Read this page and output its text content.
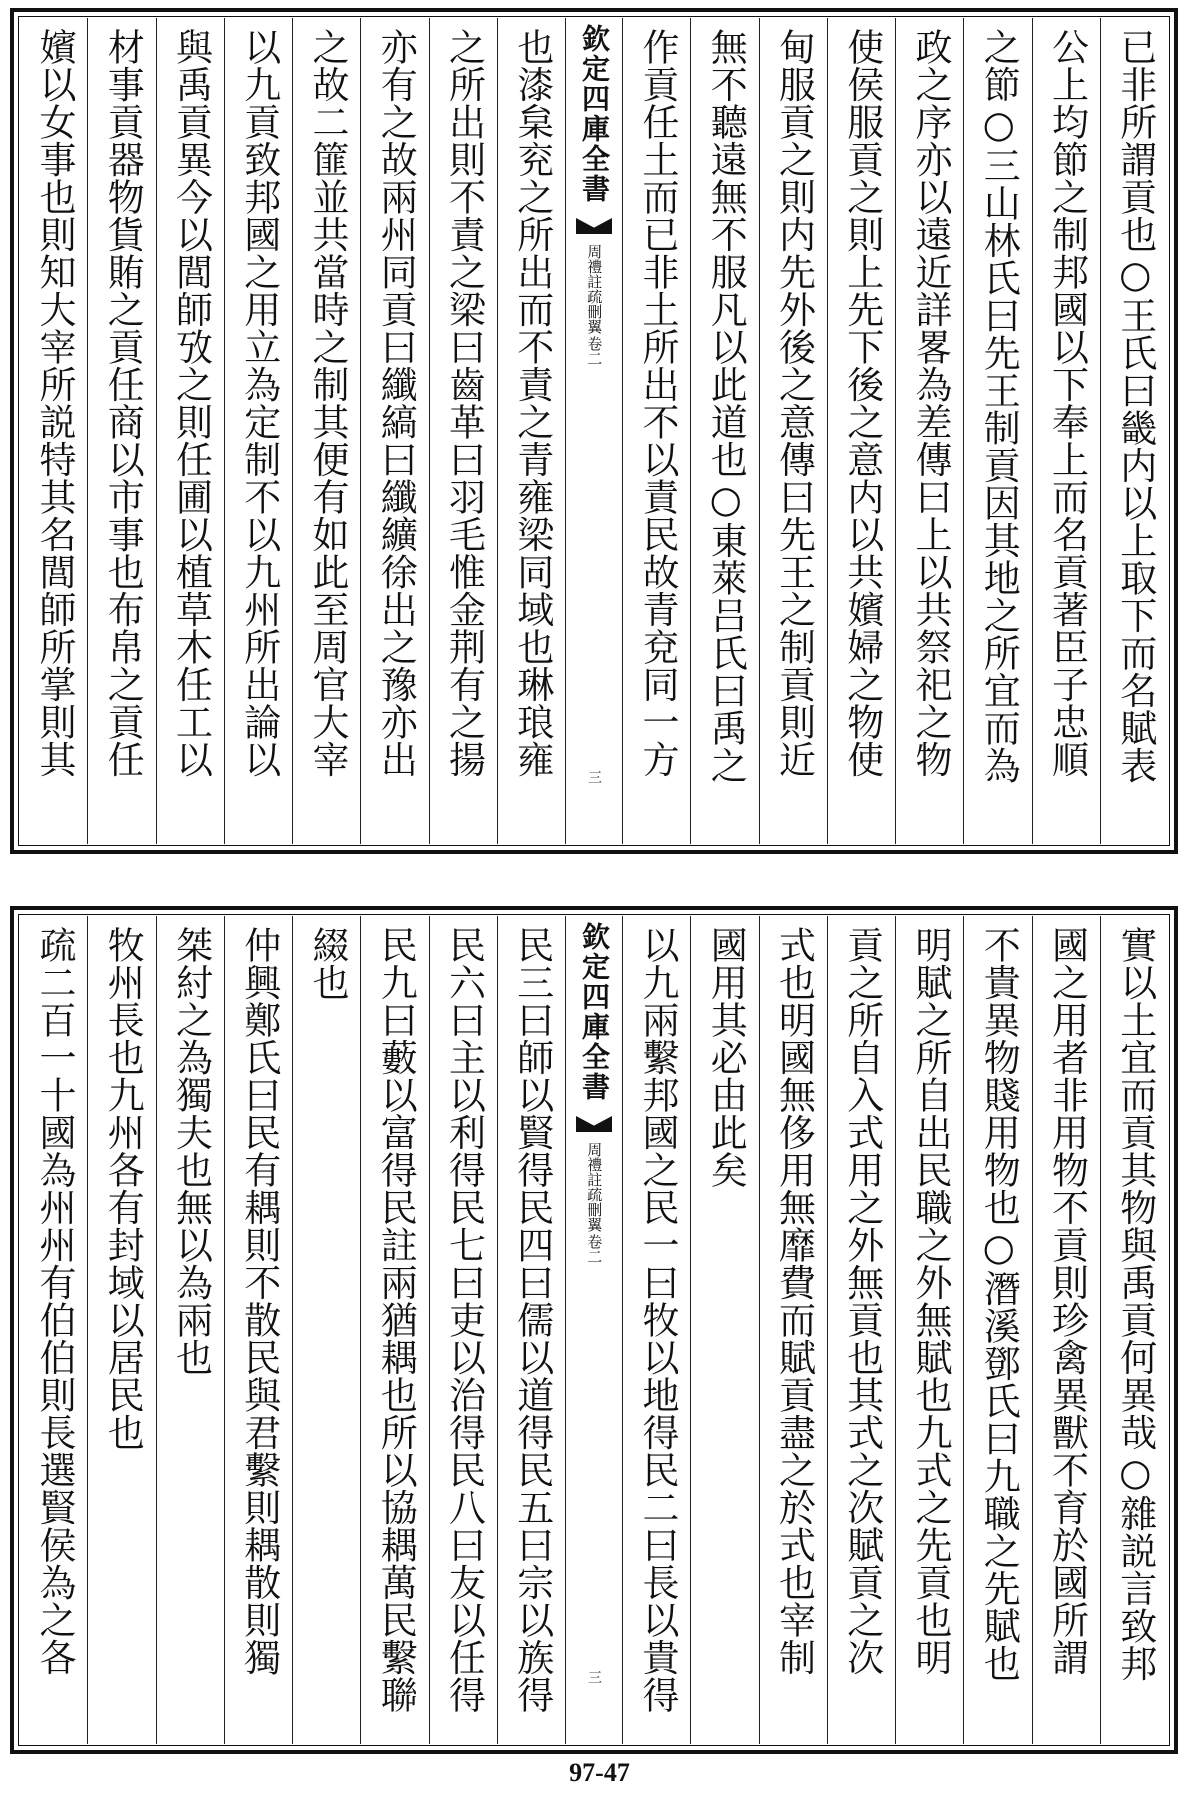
已非所謂貢也○王氏曰畿内以上取下而名賦表
公上均節之制邦國以下奉上而名貢著臣子忠順
之節○三山林氏曰先王制貢因其地之所宜而為
政之序亦以遠近詳畧為差傳曰上以共祭祀之物
使侯服貢之則上先下後之意内以共嬪婦之物使
甸服貢之則内先外後之意傳曰先王之制貢則近
無不聽遠無不服凡以此道也○東萊吕氏曰禹之
作貢任土而已非土所出不以責民故青兗同一方
欽定四庫全書
周禮註疏刪翼
卷二
三
也漆枲兖之所出而不責之青雍梁同域也琳琅雍
之所出則不責之梁曰齒革曰羽毛惟金荆有之揚
亦有之故兩州同貢曰纖縞曰纖纊徐出之豫亦出
之故二篚並共當時之制其便有如此至周官大宰
以九貢致邦國之用立為定制不以九州所出論以
與禹貢異今以閭師攷之則任圃以植草木任工以
材事貢器物貨賄之貢任商以市事也布帛之貢任
嬪以女事也則知大宰所説特其名閭師所掌則其
實以土宜而貢其物與禹貢何異哉○雜説言致邦
國之用者非用物不貢則珍禽異獸不育於國所謂
不貴異物賤用物也○潛溪鄧氏曰九職之先賦也
明賦之所自出民職之外無賦也九式之先貢也明
貢之所自入式用之外無貢也其式之次賦貢之次
式也明國無侈用無靡費而賦貢盡之於式也宰制
國用其必由此矣
以九兩繫邦國之民一曰牧以地得民二曰長以貴得
欽定四庫全書
周禮註疏刪翼
卷二
三
民三曰師以賢得民四曰儒以道得民五曰宗以族得
民六曰主以利得民七曰吏以治得民八曰友以任得
民九曰藪以富得民註兩猶耦也所以協耦萬民繫聯
綴也
仲興鄭氏曰民有耦則不散民與君繫則耦散則獨
桀紂之為獨夫也無以為兩也
牧州長也九州各有封域以居民也
疏二百一十國為州州有伯伯則長選賢侯為之各
97-47
